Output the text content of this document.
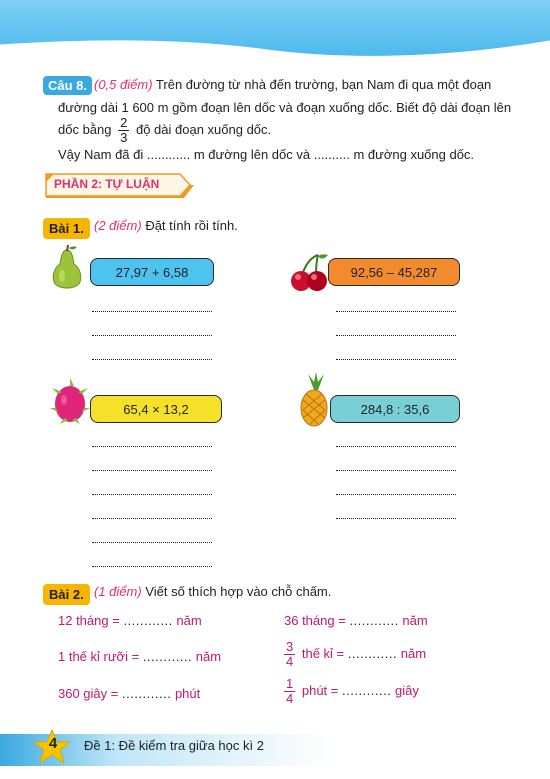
Câu 8. (0,5 điểm) Trên đường từ nhà đến trường, bạn Nam đi qua một đoạn
đường dài 1 600 m gồm đoạn lên dốc và đoạn xuống dốc. Biết độ dài đoạn lên
dốc bằng $\frac{2}{3}$ độ dài đoạn xuống dốc.
Vậy Nam đã đi ............ m đường lên dốc và .......... m đường xuống dốc.
PHẦN 2: TỰ LUẬN
Bài 1. (2 điểm) Đặt tính rồi tính.
27,97 + 6,58	92,56 – 45,287
65,4 × 13,2	284,8 : 35,6
Bài 2. (1 điểm) Viết số thích hợp vào chỗ chấm.
12 tháng = ............ năm	36 tháng = ............ năm
1 thế kỉ rưỡi = ............ năm	$\frac{3}{4}$ thế kỉ = ............ năm
360 giây = ............ phút	$\frac{1}{4}$ phút = ............ giây
4	Đề 1: Đề kiểm tra giữa học kì 2
